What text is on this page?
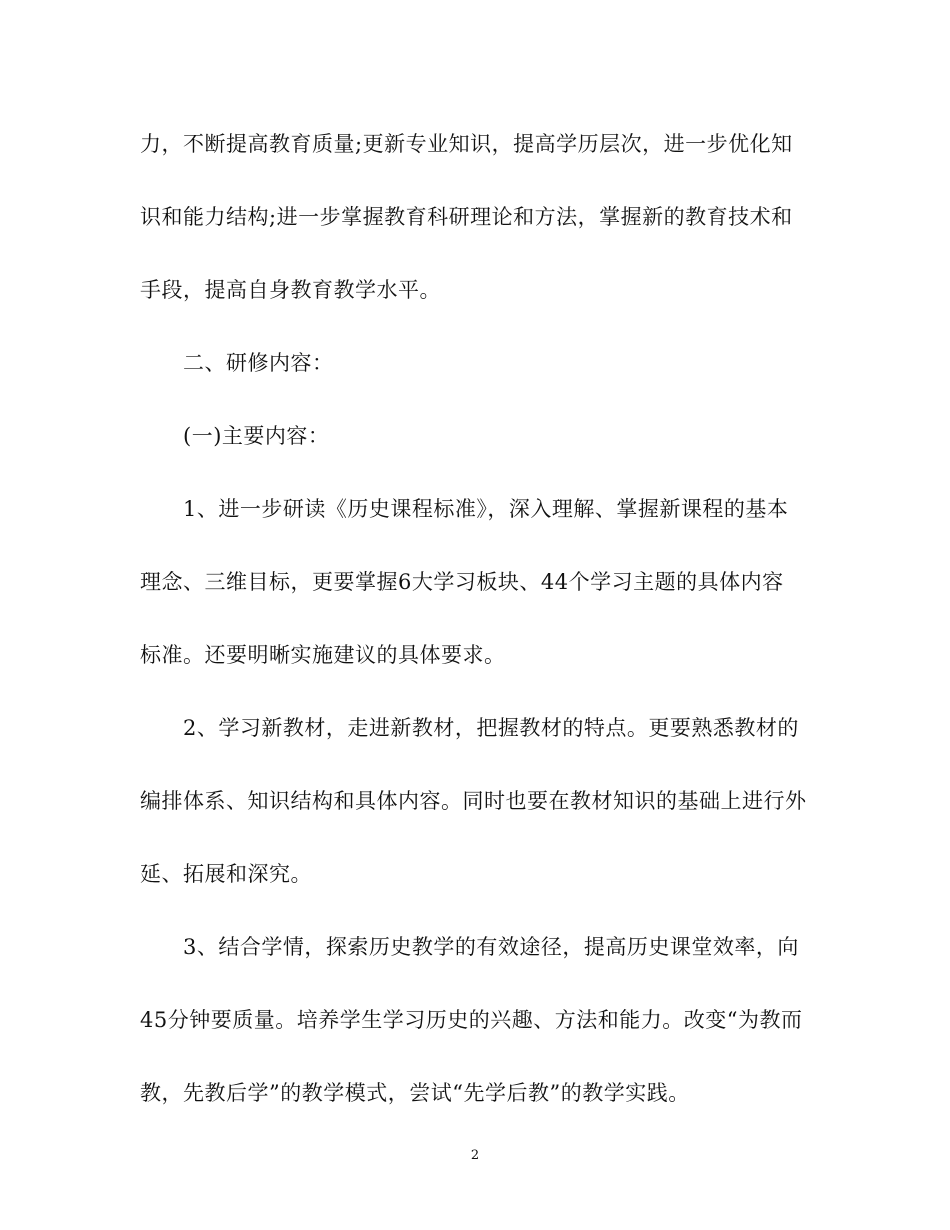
力，不断提高教育质量;更新专业知识，提高学历层次，进一步优化知
识和能力结构;进一步掌握教育科研理论和方法，掌握新的教育技术和
手段，提高自身教育教学水平。
二、研修内容：
(一)主要内容：
1、进一步研读《历史课程标准》，深入理解、掌握新课程的基本
理念、三维目标，更要掌握6大学习板块、44个学习主题的具体内容
标准。还要明晰实施建议的具体要求。
2、学习新教材，走进新教材，把握教材的特点。更要熟悉教材的
编排体系、知识结构和具体内容。同时也要在教材知识的基础上进行外
延、拓展和深究。
3、结合学情，探索历史教学的有效途径，提高历史课堂效率，向
45分钟要质量。培养学生学习历史的兴趣、方法和能力。改变“为教而
教，先教后学”的教学模式，尝试“先学后教”的教学实践。
2
